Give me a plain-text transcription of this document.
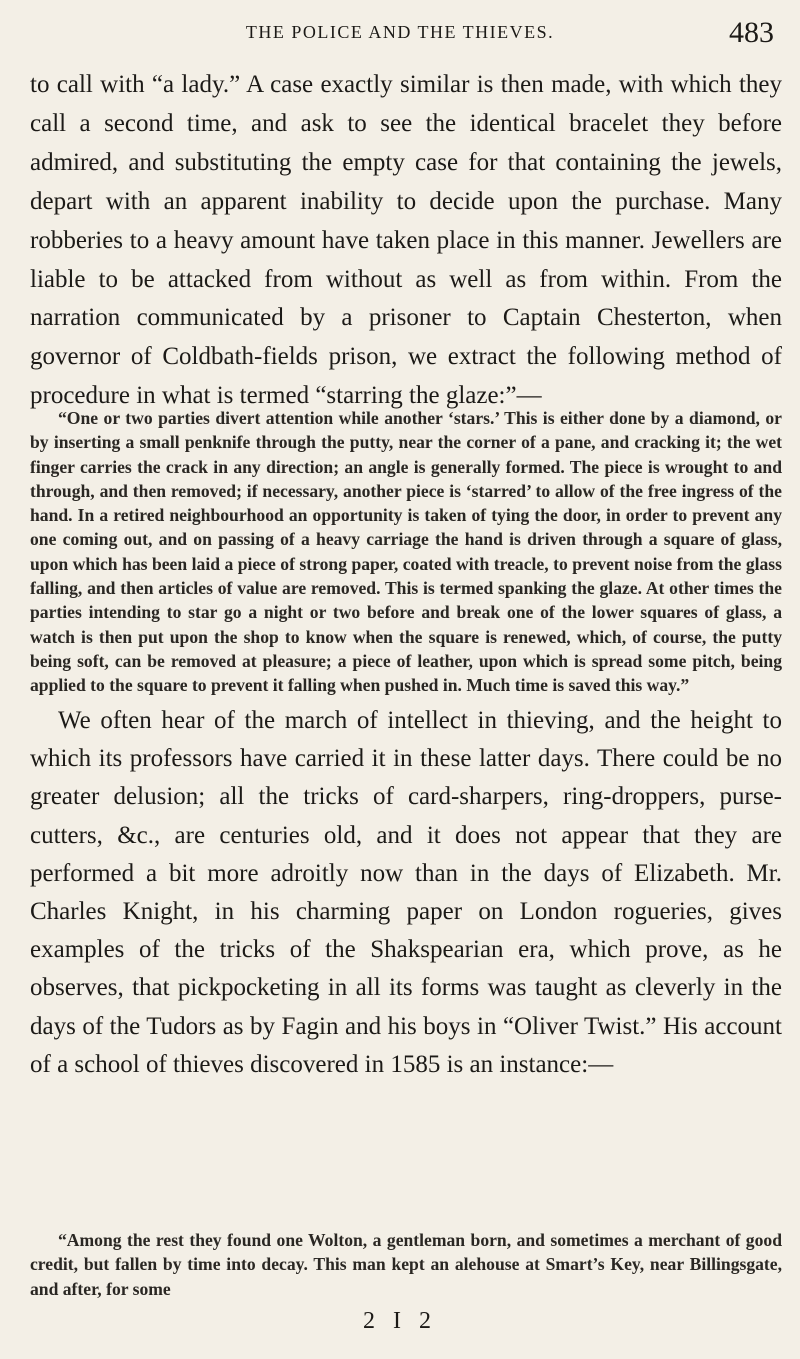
THE POLICE AND THE THIEVES.	483

to call with “a lady.” A case exactly similar is then made, with which they call a second time, and ask to see the identical bracelet they before admired, and substituting the empty case for that containing the jewels, depart with an apparent inability to decide upon the purchase. Many robberies to a heavy amount have taken place in this manner. Jewellers are liable to be attacked from without as well as from within. From the narration communicated by a prisoner to Captain Chesterton, when governor of Coldbath-fields prison, we extract the following method of procedure in what is termed “starring the glaze:”—

“One or two parties divert attention while another ‘stars.’ This is either done by a diamond, or by inserting a small penknife through the putty, near the corner of a pane, and cracking it; the wet finger carries the crack in any direction; an angle is generally formed. The piece is wrought to and through, and then removed; if necessary, another piece is ‘starred’ to allow of the free ingress of the hand. In a retired neighbourhood an opportunity is taken of tying the door, in order to prevent any one coming out, and on passing of a heavy carriage the hand is driven through a square of glass, upon which has been laid a piece of strong paper, coated with treacle, to prevent noise from the glass falling, and then articles of value are removed. This is termed spanking the glaze. At other times the parties intending to star go a night or two before and break one of the lower squares of glass, a watch is then put upon the shop to know when the square is renewed, which, of course, the putty being soft, can be removed at pleasure; a piece of leather, upon which is spread some pitch, being applied to the square to prevent it falling when pushed in. Much time is saved this way.”

We often hear of the march of intellect in thieving, and the height to which its professors have carried it in these latter days. There could be no greater delusion; all the tricks of card-sharpers, ring-droppers, purse-cutters, &c., are centuries old, and it does not appear that they are performed a bit more adroitly now than in the days of Elizabeth. Mr. Charles Knight, in his charming paper on London rogueries, gives examples of the tricks of the Shakspearian era, which prove, as he observes, that pickpocketing in all its forms was taught as cleverly in the days of the Tudors as by Fagin and his boys in “Oliver Twist.” His account of a school of thieves discovered in 1585 is an instance:—

“Among the rest they found one Wolton, a gentleman born, and sometimes a merchant of good credit, but fallen by time into decay. This man kept an alehouse at Smart’s Key, near Billingsgate, and after, for some

2 I 2
